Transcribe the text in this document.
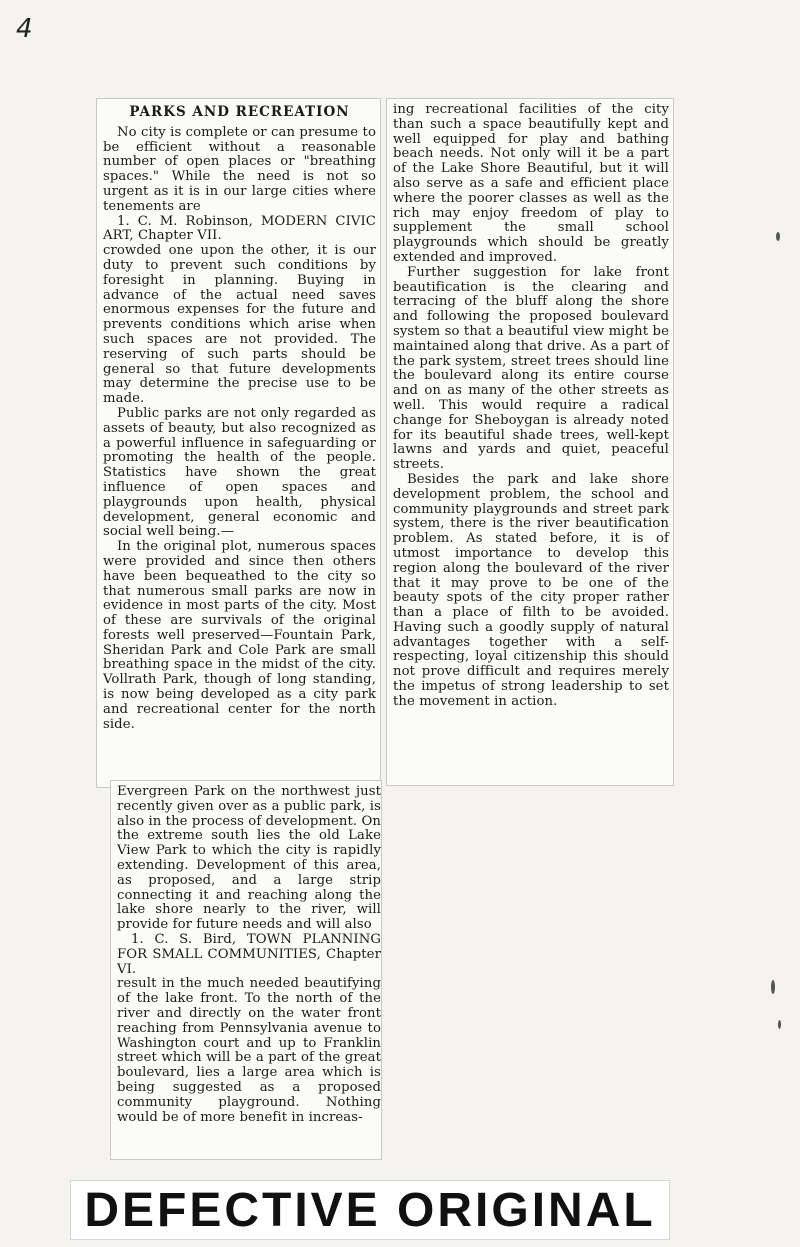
4
PARKS AND RECREATION

No city is complete or can presume to be efficient without a reasonable number of open places or "breathing spaces." While the need is not so urgent as it is in our large cities where tenements are

1. C. M. Robinson, MODERN CIVIC ART, Chapter VII.

crowded one upon the other, it is our duty to prevent such conditions by foresight in planning. Buying in advance of the actual need saves enormous expenses for the future and prevents conditions which arise when such spaces are not provided. The reserving of such parts should be general so that future developments may determine the precise use to be made.

Public parks are not only regarded as assets of beauty, but also recognized as a powerful influence in safeguarding or promoting the health of the people. Statistics have shown the great influence of open spaces and playgrounds upon health, physical development, general economic and social well being.—

In the original plot, numerous spaces were provided and since then others have been bequeathed to the city so that numerous small parks are now in evidence in most parts of the city. Most of these are survivals of the original forests well preserved—Fountain Park, Sheridan Park and Cole Park are small breathing space in the midst of the city. Vollrath Park, though of long standing, is now being developed as a city park and recreational center for the north side.

Evergreen Park on the northwest just recently given over as a public park, is also in the process of development. On the extreme south lies the old Lake View Park to which the city is rapidly extending. Development of this area, as proposed, and a large strip connecting it and reaching along the lake shore nearly to the river, will provide for future needs and will also

1. C. S. Bird, TOWN PLANNING FOR SMALL COMMUNITIES, Chapter VI.

result in the much needed beautifying of the lake front. To the north of the river and directly on the water front reaching from Pennsylvania avenue to Washington court and up to Franklin street which will be a part of the great boulevard, lies a large area which is being suggested as a proposed community playground. Nothing would be of more benefit in increas-

ing recreational facilities of the city than such a space beautifully kept and well equipped for play and bathing beach needs. Not only will it be a part of the Lake Shore Beautiful, but it will also serve as a safe and efficient place where the poorer classes as well as the rich may enjoy freedom of play to supplement the small school playgrounds which should be greatly extended and improved.

Further suggestion for lake front beautification is the clearing and terracing of the bluff along the shore and following the proposed boulevard system so that a beautiful view might be maintained along that drive. As a part of the park system, street trees should line the boulevard along its entire course and on as many of the other streets as well. This would require a radical change for Sheboygan is already noted for its beautiful shade trees, well-kept lawns and yards and quiet, peaceful streets.

Besides the park and lake shore development problem, the school and community playgrounds and street park system, there is the river beautification problem. As stated before, it is of utmost importance to develop this region along the boulevard of the river that it may prove to be one of the beauty spots of the city proper rather than a place of filth to be avoided. Having such a goodly supply of natural advantages together with a self-respecting, loyal citizenship this should not prove difficult and requires merely the impetus of strong leadership to set the movement in action.

DEFECTIVE ORIGINAL
